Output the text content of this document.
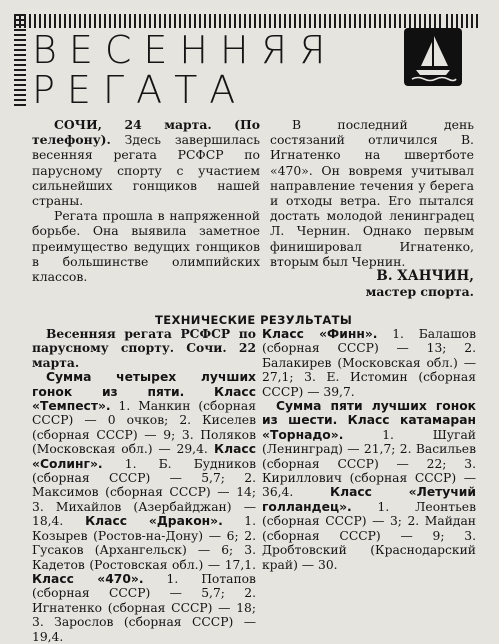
ВЕСЕННЯЯ
РЕГАТА

СОЧИ, 24 марта. (По телефону). Здесь завершилась весенняя регата РСФСР по парусному спорту с участием сильнейших гонщиков нашей страны.

Регата прошла в напряженной борьбе. Она выявила заметное преимущество ведущих гонщиков в большинстве олимпийских классов.

В последний день состязаний отличился В. Игнатенко на швертботе «470». Он вовремя учитывал направление течения у берега и отходы ветра. Его пытался достать молодой ленинградец Л. Чернин. Однако первым финишировал Игнатенко, вторым был Чернин.

В. ХАНЧИН,

мастер спорта.

ТЕХНИЧЕСКИЕ РЕЗУЛЬТАТЫ

Весенняя регата РСФСР по парусному спорту. Сочи. 22 марта.

Сумма четырех лучших гонок из пяти. Класс «Темпест». 1. Манкин (сборная СССР) — 0 очков; 2. Киселев (сборная СССР) — 9; 3. Поляков (Московская обл.) — 29,4. Класс «Солинг». 1. Б. Будников (сборная СССР) — 5,7; 2. Максимов (сборная СССР) — 14; 3. Михайлов (Азербайджан) — 18,4. Класс «Дракон». 1. Козырев (Ростов-на-Дону) — 6; 2. Гусаков (Архангельск) — 6; 3. Кадетов (Ростовская обл.) — 17,1. Класс «470». 1. Потапов (сборная СССР) — 5,7; 2. Игнатенко (сборная СССР) — 18; 3. Зарослов (сборная СССР) — 19,4.

Класс «Финн». 1. Балашов (сборная СССР) — 13; 2. Балакирев (Московская обл.) — 27,1; 3. Е. Истомин (сборная СССР) — 39,7.

Сумма пяти лучших гонок из шести. Класс катамаран «Торнадо». 1. Шугай (Ленинград) — 21,7; 2. Васильев (сборная СССР) — 22; 3. Кириллович (сборная СССР) — 36,4. Класс «Летучий голландец». 1. Леонтьев (сборная СССР) — 3; 2. Майдан (сборная СССР) — 9; 3. Дробтовский (Краснодарский край) — 30.
